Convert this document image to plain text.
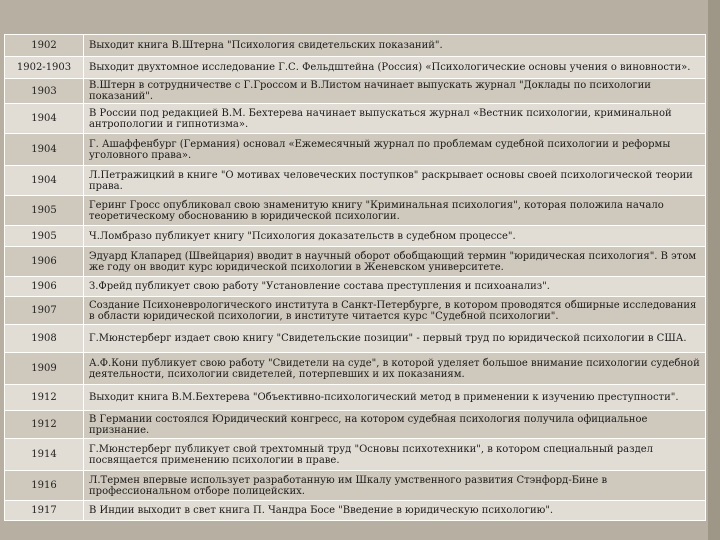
1902	Выходит книга В.Штерна "Психология свидетельских показаний".
1902-1903	Выходит двухтомное исследование Г.С. Фельдштейна (Россия) «Психологические основы учения о виновности».
1903	В.Штерн в сотрудничестве с Г.Гроссом и В.Листом начинает выпускать журнал "Доклады по психологии показаний".
1904	В России под редакцией В.М. Бехтерева начинает выпускаться журнал «Вестник психологии, криминальной антропологии и гипнотизма».
1904	Г. Ашаффенбург (Германия) основал «Ежемесячный журнал по проблемам судебной психологии и реформы уголовного права».
1904	Л.Петражицкий в книге "О мотивах человеческих поступков" раскрывает основы своей психологической теории права.
1905	Геринг Гросс опубликовал свою знаменитую книгу "Криминальная психология", которая положила начало теоретическому обоснованию в юридической психологии.
1905	Ч.Ломбразо публикует книгу "Психология доказательств в судебном процессе".
1906	Эдуард Клапаред (Швейцария) вводит в научный оборот обобщающий термин "юридическая психология". В этом же году он вводит курс юридической психологии в Женевском университете.
1906	З.Фрейд публикует свою работу "Установление состава преступления и психоанализ".
1907	Создание Психоневрологического института в Санкт-Петербурге, в котором проводятся обширные исследования в области юридической психологии, в институте читается курс "Судебной психологии".
1908	Г.Мюнстерберг издает свою книгу "Свидетельские позиции" - первый труд по юридической психологии в США.
1909	А.Ф.Кони публикует свою работу "Свидетели на суде", в которой уделяет большое внимание психологии судебной деятельности, психологии свидетелей, потерпевших и их показаниям.
1912	Выходит книга В.М.Бехтерева "Объективно-психологический метод в применении к изучению преступности".
1912	В Германии состоялся Юридический конгресс, на котором судебная психология получила официальное признание.
1914	Г.Мюнстерберг публикует свой трехтомный труд "Основы психотехники", в котором специальный раздел посвящается применению психологии в праве.
1916	Л.Термен впервые использует разработанную им Шкалу умственного развития Стэнфорд-Бине в профессиональном отборе полицейских.
1917	В Индии выходит в свет книга П. Чандра Босе "Введение в юридическую психологию".
